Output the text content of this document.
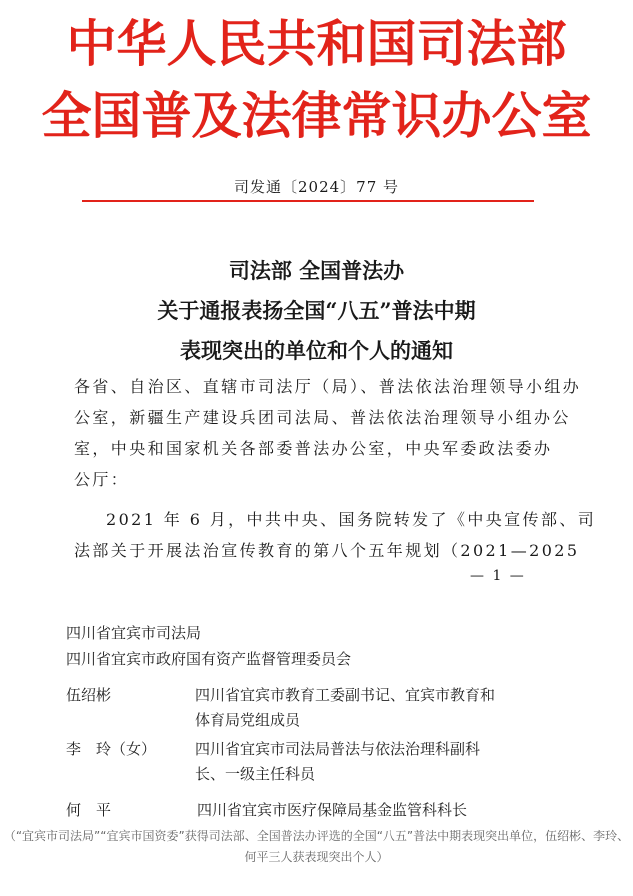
中华人民共和国司法部
全国普及法律常识办公室
司发通〔2024〕77 号
司法部 全国普法办
关于通报表扬全国“八五”普法中期
表现突出的单位和个人的通知
各省、自治区、直辖市司法厅（局）、普法依法治理领导小组办
公室，新疆生产建设兵团司法局、普法依法治理领导小组办公
室，中央和国家机关各部委普法办公室，中央军委政法委办
公厅：
2021 年 6 月，中共中央、国务院转发了《中央宣传部、司
法部关于开展法治宣传教育的第八个五年规划（2021—2025
— 1 —
四川省宜宾市司法局
四川省宜宾市政府国有资产监督管理委员会
伍绍彬	四川省宜宾市教育工委副书记、宜宾市教育和
体育局党组成员
李　玲（女）	四川省宜宾市司法局普法与依法治理科副科
长、一级主任科员
何　平	四川省宜宾市医疗保障局基金监管科科长
（“宜宾市司法局”“宜宾市国资委”获得司法部、全国普法办评选的全国“八五”普法中期表现突出单位，伍绍彬、李玲、何平三人获表现突出个人）
